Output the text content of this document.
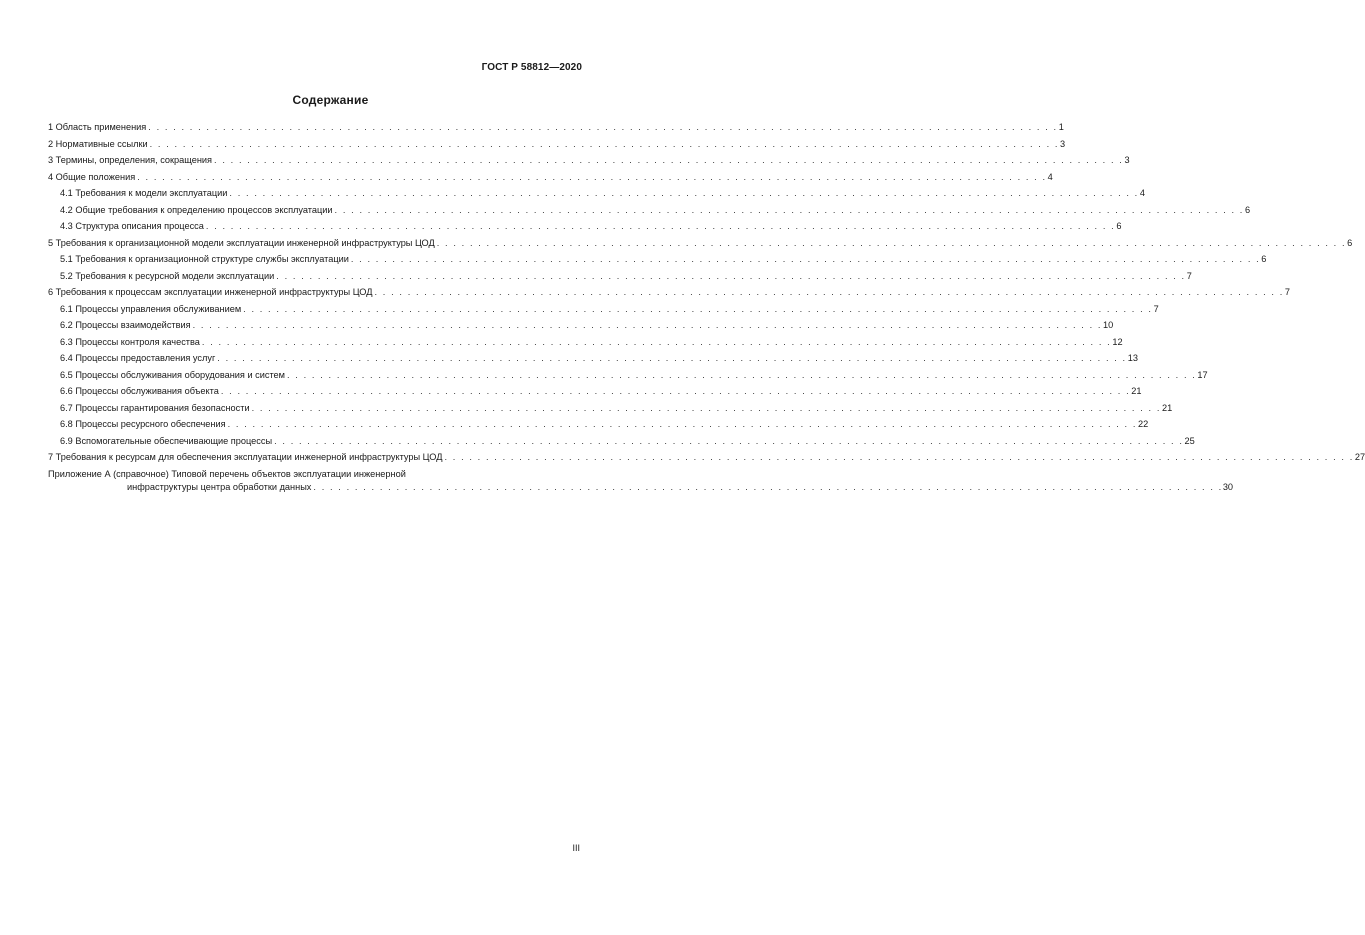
ГОСТ Р 58812—2020
Содержание
1 Область применения . . . . . . . . . . . . . . . . . . . . . . . . . . . . . . . . . . . . . . . . . . . . . . . . . . . . . . . . . . . . . . . . . . . . . . . . . . . . . . . . . . . . . . . . . . . . . . . . . . . . . . . . . . . . . . 1
2 Нормативные ссылки . . . . . . . . . . . . . . . . . . . . . . . . . . . . . . . . . . . . . . . . . . . . . . . . . . . . . . . . . . . . . . . . . . . . . . . . . . . . . . . . . . . . . . . . . . . . . . . . . . . . . . . . . . . . . . 3
3 Термины, определения, сокращения . . . . . . . . . . . . . . . . . . . . . . . . . . . . . . . . . . . . . . . . . . . . . . . . . . . . . . . . . . . . . . . . . . . . . . . . . . . . . . . . . . . . . . . . . . . . . . . . . . . . . . . . . . . . . . 3
4 Общие положения . . . . . . . . . . . . . . . . . . . . . . . . . . . . . . . . . . . . . . . . . . . . . . . . . . . . . . . . . . . . . . . . . . . . . . . . . . . . . . . . . . . . . . . . . . . . . . . . . . . . . . . . . . . . . . 4
4.1 Требования к модели эксплуатации . . . . . . . . . . . . . . . . . . . . . . . . . . . . . . . . . . . . . . . . . . . . . . . . . . . . . . . . . . . . . . . . . . . . . . . . . . . . . . . . . . . . . . . . . . . . . . . . . . . . . . . . . . . . . . 4
4.2 Общие требования к определению процессов эксплуатации . . . . . . . . . . . . . . . . . . . . . . . . . . . . . . . . . . . . . . . . . . . . . . . . . . . . . . . . . . . . . . . . . . . . . . . . . . . . . . . . . . . . . . . . . . . . . . . . . . . . . . . . . . . . . . 6
4.3 Структура описания процесса . . . . . . . . . . . . . . . . . . . . . . . . . . . . . . . . . . . . . . . . . . . . . . . . . . . . . . . . . . . . . . . . . . . . . . . . . . . . . . . . . . . . . . . . . . . . . . . . . . . . . . . . . . . . . . 6
5 Требования к организационной модели эксплуатации инженерной инфраструктуры ЦОД . . . . . . . . . . . . . . . . . . . . . . . . . . . . . . . . . . . . . . . . . . . . . . . . . . . . . . . . . . . . . . . . . . . . . . . . . . . . . . . . . . . . . . . . . . . . . . . . . . . . . . . . . . . . . . 6
5.1 Требования к организационной структуре службы эксплуатации . . . . . . . . . . . . . . . . . . . . . . . . . . . . . . . . . . . . . . . . . . . . . . . . . . . . . . . . . . . . . . . . . . . . . . . . . . . . . . . . . . . . . . . . . . . . . . . . . . . . . . . . . . . . . . 6
5.2 Требования к ресурсной модели эксплуатации . . . . . . . . . . . . . . . . . . . . . . . . . . . . . . . . . . . . . . . . . . . . . . . . . . . . . . . . . . . . . . . . . . . . . . . . . . . . . . . . . . . . . . . . . . . . . . . . . . . . . . . . . . . . . . 7
6 Требования к процессам эксплуатации инженерной инфраструктуры ЦОД . . . . . . . . . . . . . . . . . . . . . . . . . . . . . . . . . . . . . . . . . . . . . . . . . . . . . . . . . . . . . . . . . . . . . . . . . . . . . . . . . . . . . . . . . . . . . . . . . . . . . . . . . . . . . . 7
6.1 Процессы управления обслуживанием . . . . . . . . . . . . . . . . . . . . . . . . . . . . . . . . . . . . . . . . . . . . . . . . . . . . . . . . . . . . . . . . . . . . . . . . . . . . . . . . . . . . . . . . . . . . . . . . . . . . . . . . . . . . . . 7
6.2 Процессы взаимодействия . . . . . . . . . . . . . . . . . . . . . . . . . . . . . . . . . . . . . . . . . . . . . . . . . . . . . . . . . . . . . . . . . . . . . . . . . . . . . . . . . . . . . . . . . . . . . . . . . . . . . . . . . . . . . . 10
6.3 Процессы контроля качества . . . . . . . . . . . . . . . . . . . . . . . . . . . . . . . . . . . . . . . . . . . . . . . . . . . . . . . . . . . . . . . . . . . . . . . . . . . . . . . . . . . . . . . . . . . . . . . . . . . . . . . . . . . . . . 12
6.4 Процессы предоставления услуг . . . . . . . . . . . . . . . . . . . . . . . . . . . . . . . . . . . . . . . . . . . . . . . . . . . . . . . . . . . . . . . . . . . . . . . . . . . . . . . . . . . . . . . . . . . . . . . . . . . . . . . . . . . . . . 13
6.5 Процессы обслуживания оборудования и систем . . . . . . . . . . . . . . . . . . . . . . . . . . . . . . . . . . . . . . . . . . . . . . . . . . . . . . . . . . . . . . . . . . . . . . . . . . . . . . . . . . . . . . . . . . . . . . . . . . . . . . . . . . . . . . 17
6.6 Процессы обслуживания объекта . . . . . . . . . . . . . . . . . . . . . . . . . . . . . . . . . . . . . . . . . . . . . . . . . . . . . . . . . . . . . . . . . . . . . . . . . . . . . . . . . . . . . . . . . . . . . . . . . . . . . . . . . . . . . . 21
6.7 Процессы гарантирования безопасности . . . . . . . . . . . . . . . . . . . . . . . . . . . . . . . . . . . . . . . . . . . . . . . . . . . . . . . . . . . . . . . . . . . . . . . . . . . . . . . . . . . . . . . . . . . . . . . . . . . . . . . . . . . . . . 21
6.8 Процессы ресурсного обеспечения . . . . . . . . . . . . . . . . . . . . . . . . . . . . . . . . . . . . . . . . . . . . . . . . . . . . . . . . . . . . . . . . . . . . . . . . . . . . . . . . . . . . . . . . . . . . . . . . . . . . . . . . . . . . . . 22
6.9 Вспомогательные обеспечивающие процессы . . . . . . . . . . . . . . . . . . . . . . . . . . . . . . . . . . . . . . . . . . . . . . . . . . . . . . . . . . . . . . . . . . . . . . . . . . . . . . . . . . . . . . . . . . . . . . . . . . . . . . . . . . . . . . 25
7 Требования к ресурсам для обеспечения эксплуатации инженерной инфраструктуры ЦОД . . . . . . . . . . . . . . . . . . . . . . . . . . . . . . . . . . . . . . . . . . . . . . . . . . . . . . . . . . . . . . . . . . . . . . . . . . . . . . . . . . . . . . . . . . . . . . . . . . . . . . . . . . . . . . 27
Приложение А (справочное) Типовой перечень объектов эксплуатации инженерной
инфраструктуры центра обработки данных . . . . . . . . . . . . . . . . . . . . . . . . . . . . . . . . . . . . . . . . . . . . . . . . . . . . . . . . . . . . . . . . . . . . . . . . . . . . . . . . . . . . . . . . . . . . . . . . . . . . . . . . . . . . . . 30
III
